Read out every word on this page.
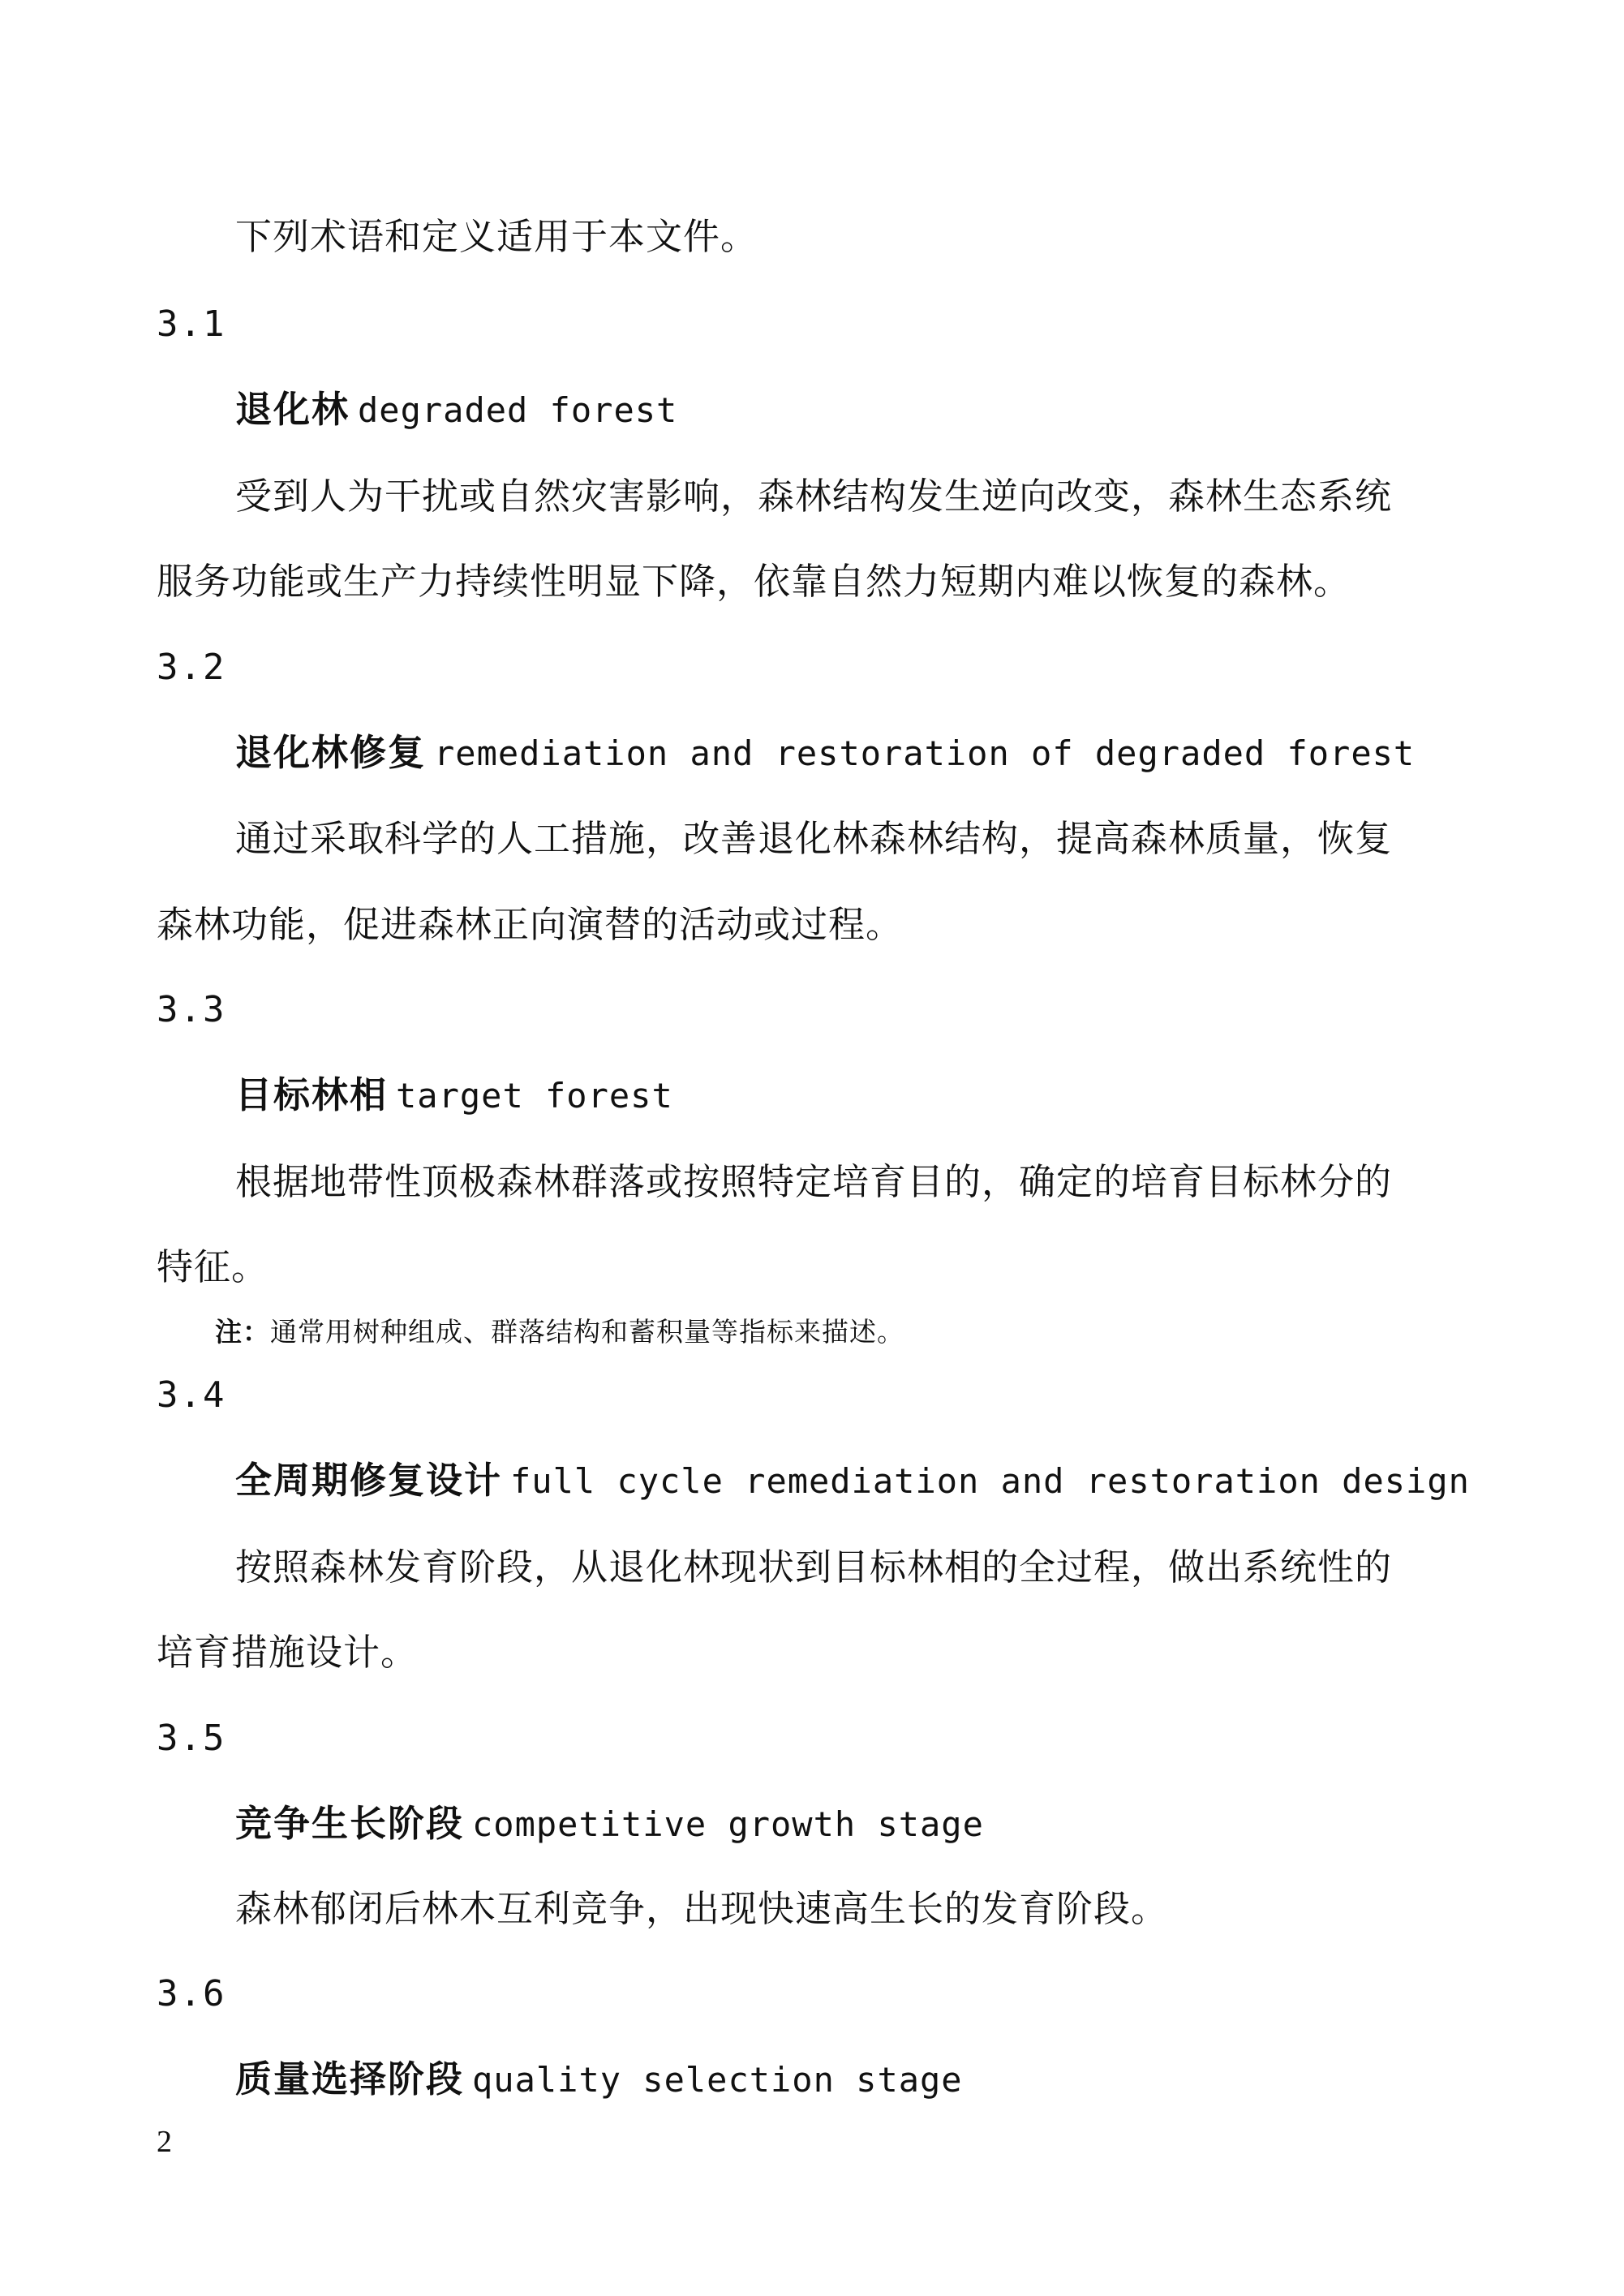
下列术语和定义适用于本文件。
3.1
退化林 degraded forest
受到人为干扰或自然灾害影响，森林结构发生逆向改变，森林生态系统
服务功能或生产力持续性明显下降，依靠自然力短期内难以恢复的森林。
3.2
退化林修复 remediation and restoration of degraded forest
通过采取科学的人工措施，改善退化林森林结构，提高森林质量，恢复
森林功能，促进森林正向演替的活动或过程。
3.3
目标林相 target forest
根据地带性顶极森林群落或按照特定培育目的，确定的培育目标林分的
特征。
注：通常用树种组成、群落结构和蓄积量等指标来描述。
3.4
全周期修复设计 full cycle remediation and restoration design
按照森林发育阶段，从退化林现状到目标林相的全过程，做出系统性的
培育措施设计。
3.5
竞争生长阶段 competitive growth stage
森林郁闭后林木互利竞争，出现快速高生长的发育阶段。
3.6
质量选择阶段 quality selection stage
2
